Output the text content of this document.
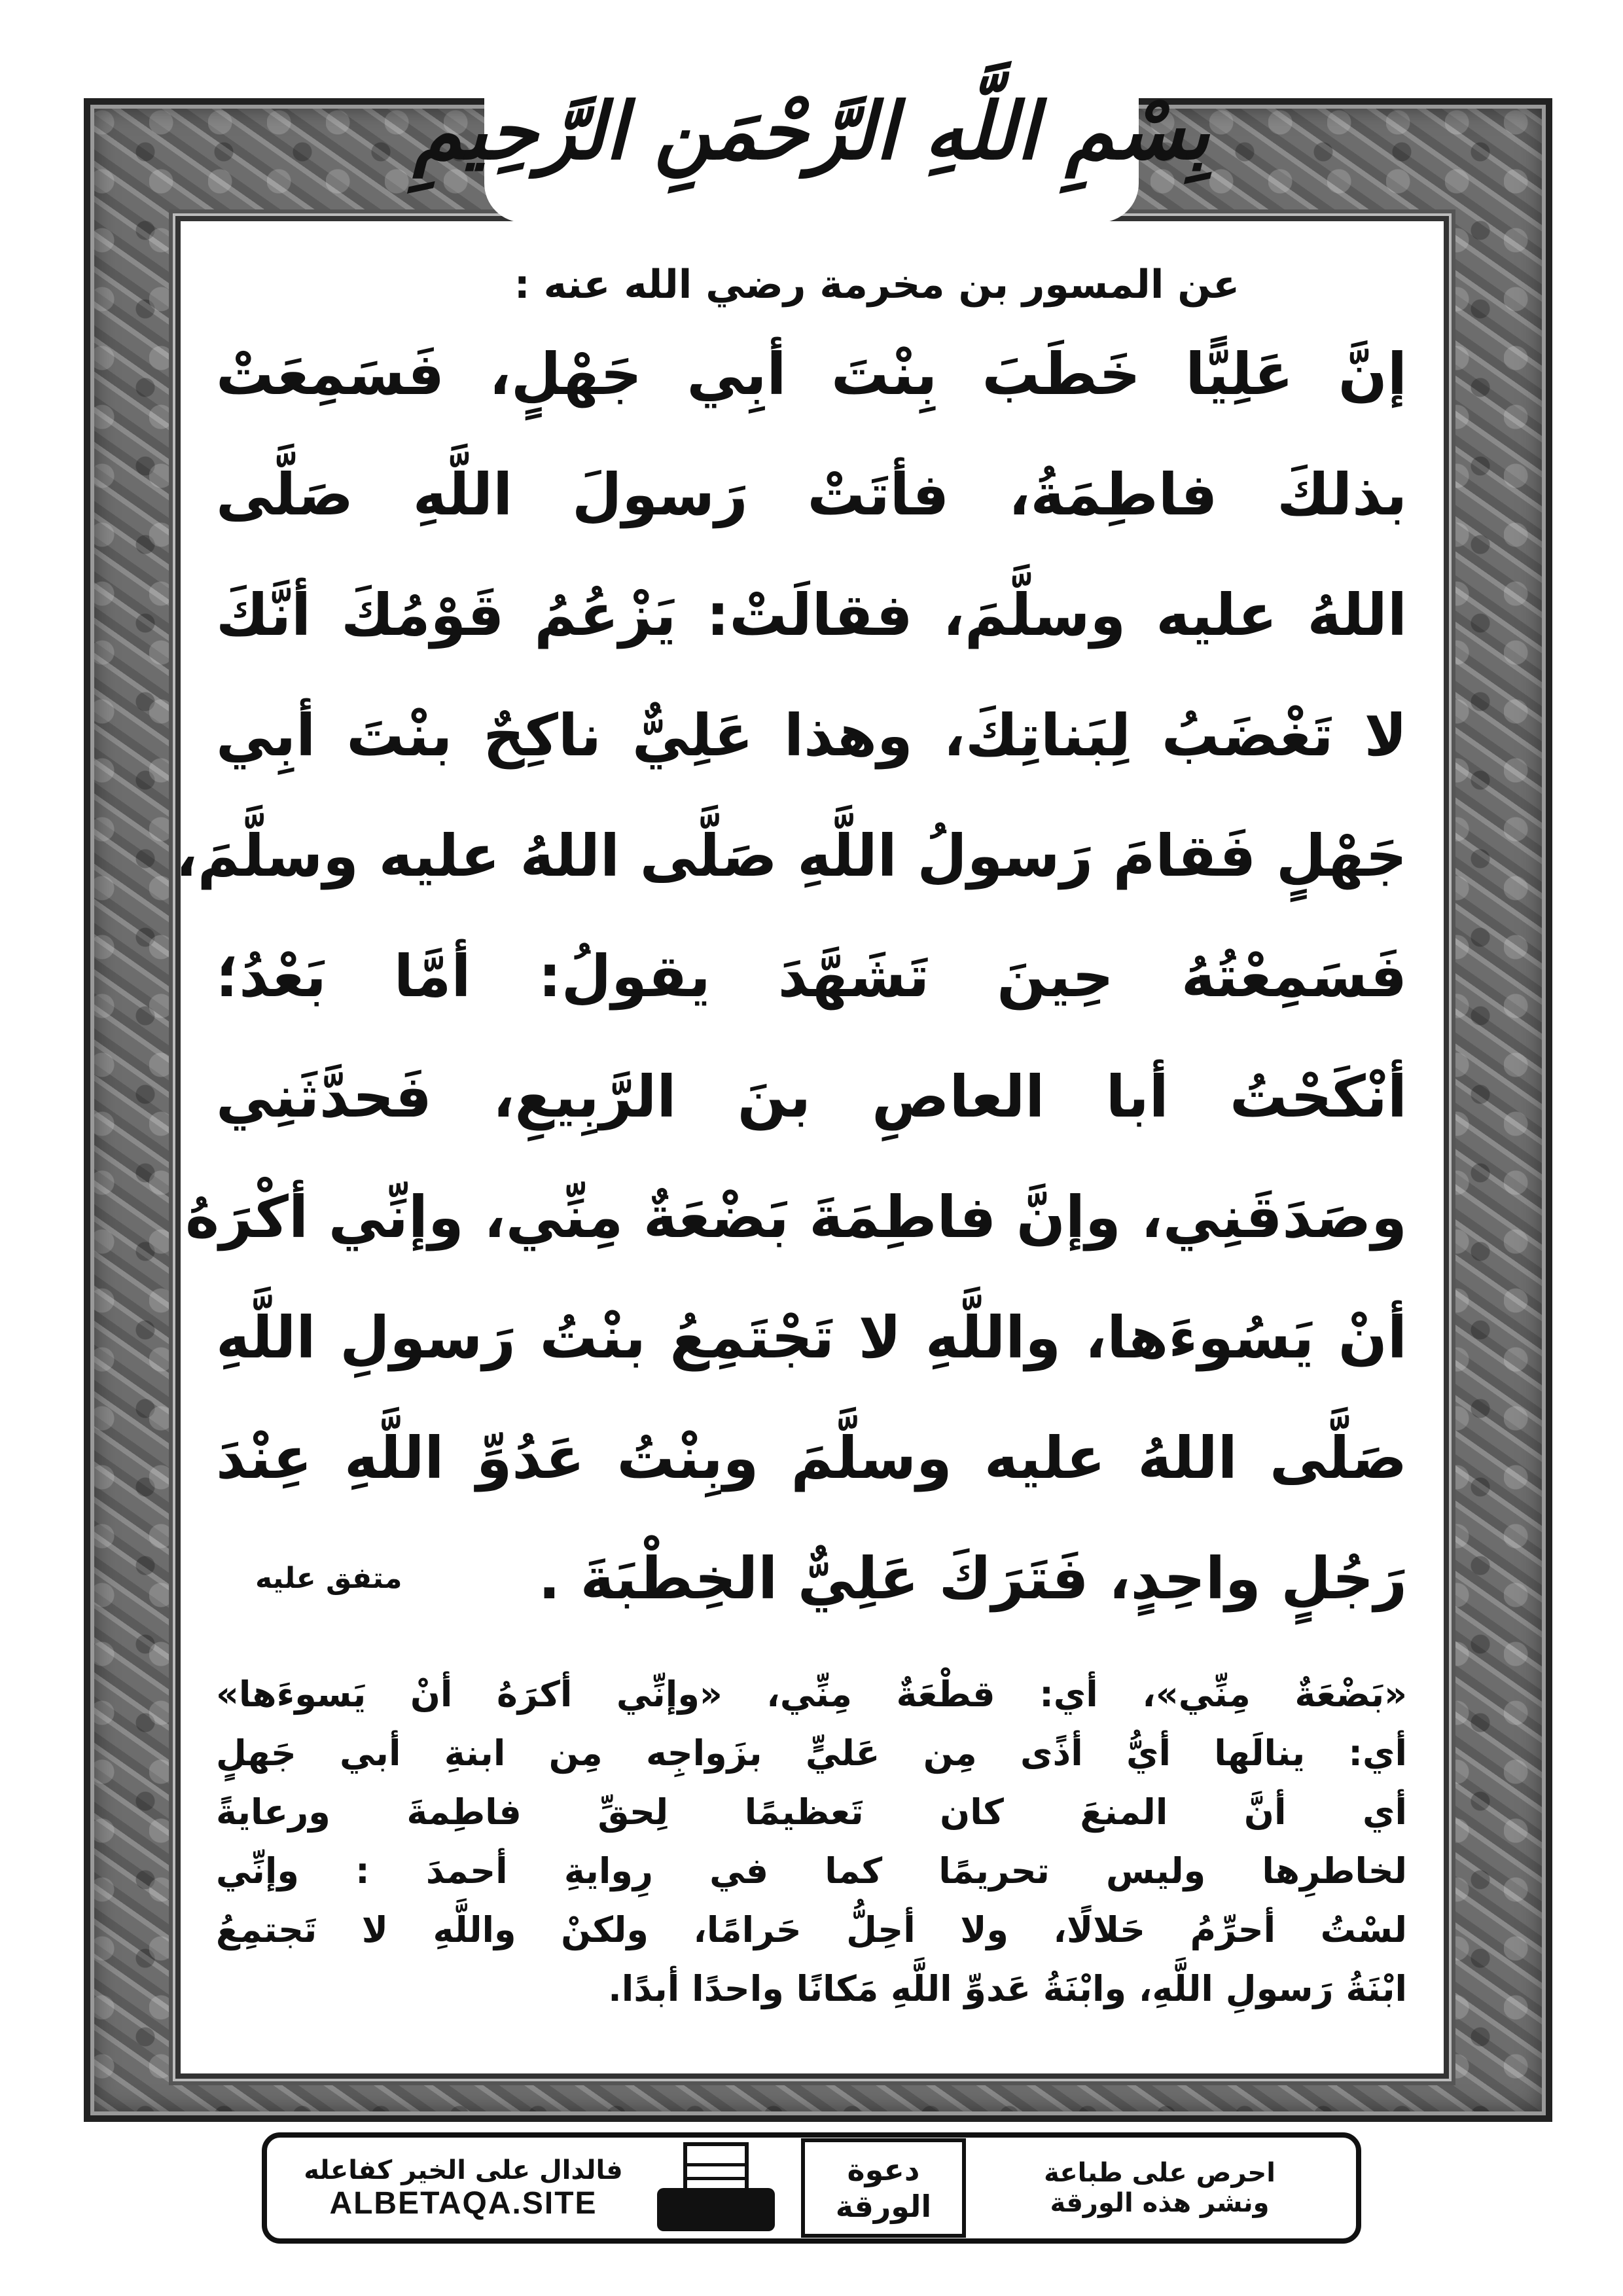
بِسْمِ اللَّهِ الرَّحْمَنِ الرَّحِيمِ
عن المسور بن مخرمة رضي الله عنه :
إنَّ عَلِيًّا خَطَبَ بِنْتَ أبِي جَهْلٍ، فَسَمِعَتْ
بذلكَ فاطِمَةُ، فأتَتْ رَسولَ اللَّهِ صَلَّى
اللهُ عليه وسلَّمَ، فقالَتْ: يَزْعُمُ قَوْمُكَ أنَّكَ
لا تَغْضَبُ لِبَناتِكَ، وهذا عَلِيٌّ ناكِحٌ بنْتَ أبِي
جَهْلٍ فَقامَ رَسولُ اللَّهِ صَلَّى اللهُ عليه وسلَّمَ،
فَسَمِعْتُهُ حِينَ تَشَهَّدَ يقولُ: أمَّا بَعْدُ؛
أنْكَحْتُ أبا العاصِ بنَ الرَّبِيعِ، فَحدَّثَنِي
وصَدَقَنِي، وإنَّ فاطِمَةَ بَضْعَةٌ مِنِّي، وإنِّي أكْرَهُ
أنْ يَسُوءَها، واللَّهِ لا تَجْتَمِعُ بنْتُ رَسولِ اللَّهِ
صَلَّى اللهُ عليه وسلَّمَ وبِنْتُ عَدُوِّ اللَّهِ عِنْدَ
رَجُلٍ واحِدٍ، فَتَرَكَ عَلِيٌّ الخِطْبَةَ .
متفق عليه
«بَضْعَةٌ مِنِّي»، أي: قطْعَةٌ مِنِّي، «وإنِّي أكرَهُ أنْ يَسوءَها»
أي: ينالَها أيُّ أذًى مِن عَليٍّ بزَواجِه مِن ابنةِ أبي جَهلٍ
أي أنَّ المنعَ كان تَعظيمًا لِحقِّ فاطِمةَ ورعايةً
لخاطرِها وليس تحريمًا كما في رِوايةِ أحمدَ : وإنِّي
لسْتُ أحرِّمُ حَلالًا، ولا أحِلُّ حَرامًا، ولكنْ واللَّهِ لا تَجتمِعُ
ابْنَةُ رَسولِ اللَّهِ، وابْنَةُ عَدوِّ اللَّهِ مَكانًا واحدًا أبدًا.
فالدال على الخير كفاعله
ALBETAQA.SITE
دعوة الورقة
احرص على طباعة
ونشر هذه الورقة
